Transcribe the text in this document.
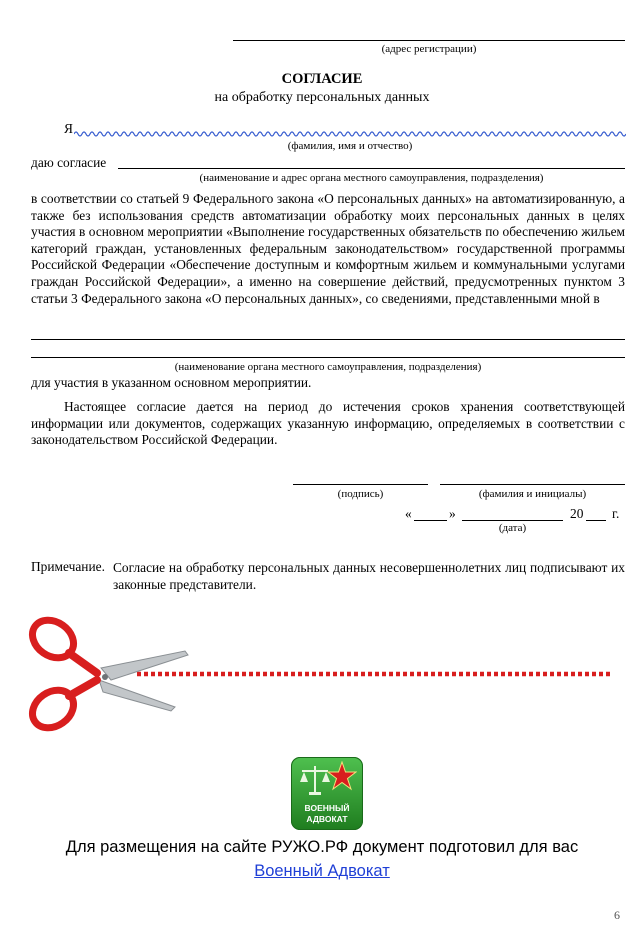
(адрес регистрации)
СОГЛАСИЕ
на обработку персональных данных
Я
(фамилия, имя и отчество)
даю согласие
(наименование и адрес органа местного самоуправления, подразделения)
в соответствии со статьей 9 Федерального закона «О персональных данных» на автоматизированную, а также без использования средств автоматизации обработку моих персональных данных в целях участия в основном мероприятии «Выполнение государственных обязательств по обеспечению жильем категорий граждан, установленных федеральным законодательством» государственной программы Российской Федерации «Обеспечение доступным и комфортным жильем и коммунальными услугами граждан Российской Федерации», а именно на совершение действий, предусмотренных пунктом 3 статьи 3 Федерального закона «О персональных данных», со сведениями, представленными мной в
(наименование органа местного самоуправления, подразделения)
для участия в указанном основном мероприятии.
Настоящее согласие дается на период до истечения сроков хранения соответствующей информации или документов, содержащих указанную информацию, определяемых в соответствии с законодательством Российской Федерации.
(подпись)	(фамилия и инициалы)
«	»	20 г.
(дата)
Примечание. Согласие на обработку персональных данных несовершеннолетних лиц подписывают их законные представители.
ВОЕННЫЙ
АДВОКАТ
Для размещения на сайте РУЖО.РФ документ подготовил для вас
Военный Адвокат
6
